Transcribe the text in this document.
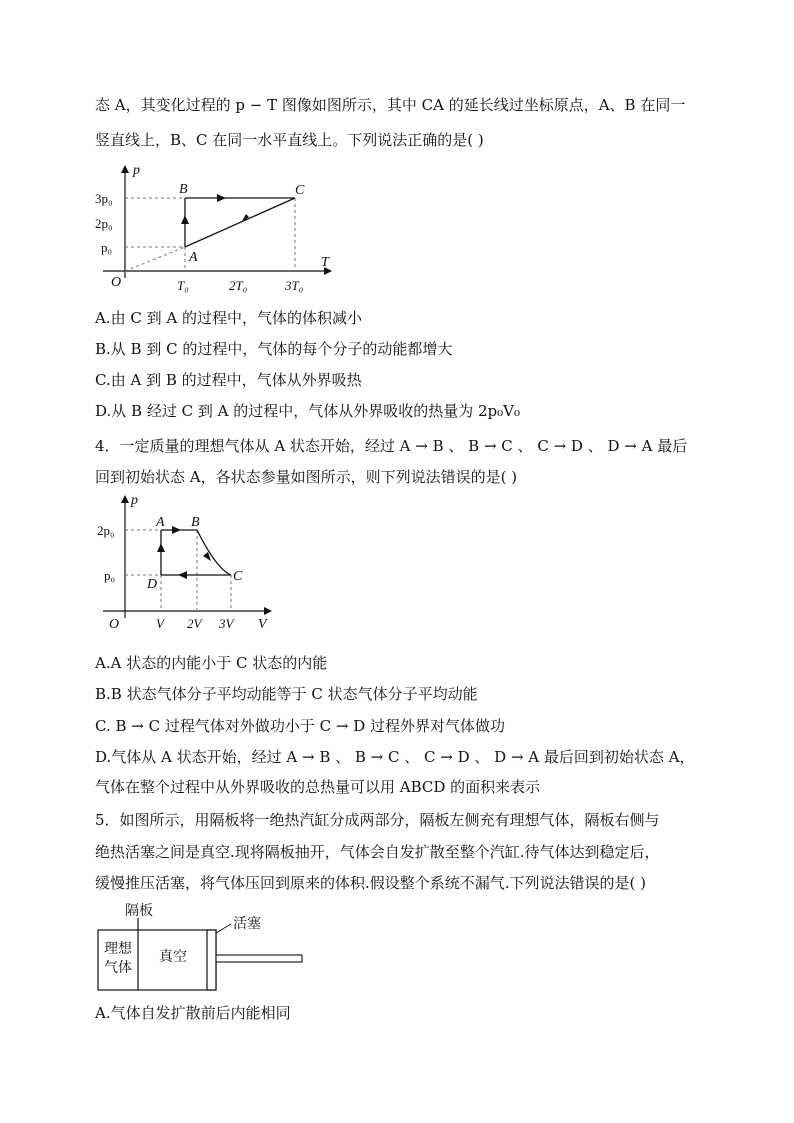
态 A，其变化过程的 p − T 图像如图所示，其中 CA 的延长线过坐标原点，A、B 在同一
竖直线上，B、C 在同一水平直线上。下列说法正确的是( )
p
T
O
3p₀
2p₀
p₀
T₀	2T₀	3T₀
A
B	C
A.由 C 到 A 的过程中，气体的体积减小
B.从 B 到 C 的过程中，气体的每个分子的动能都增大
C.由 A 到 B 的过程中，气体从外界吸热
D.从 B 经过 C 到 A 的过程中，气体从外界吸收的热量为 2p₀V₀
4．一定质量的理想气体从 A 状态开始，经过 A → B 、 B → C 、 C → D 、 D → A 最后
回到初始状态 A，各状态参量如图所示，则下列说法错误的是( )
p
V
O
2p₀
p₀
V 2V 3V
A B
C
D
A.A 状态的内能小于 C 状态的内能
B.B 状态气体分子平均动能等于 C 状态气体分子平均动能
C. B → C 过程气体对外做功小于 C → D 过程外界对气体做功
D.气体从 A 状态开始，经过 A → B 、 B → C 、 C → D 、 D → A 最后回到初始状态 A，
气体在整个过程中从外界吸收的总热量可以用 ABCD 的面积来表示
5．如图所示，用隔板将一绝热汽缸分成两部分，隔板左侧充有理想气体，隔板右侧与
绝热活塞之间是真空.现将隔板抽开，气体会自发扩散至整个汽缸.待气体达到稳定后，
缓慢推压活塞，将气体压回到原来的体积.假设整个系统不漏气.下列说法错误的是( )
隔板
活塞
理想
气体
真空
A.气体自发扩散前后内能相同
